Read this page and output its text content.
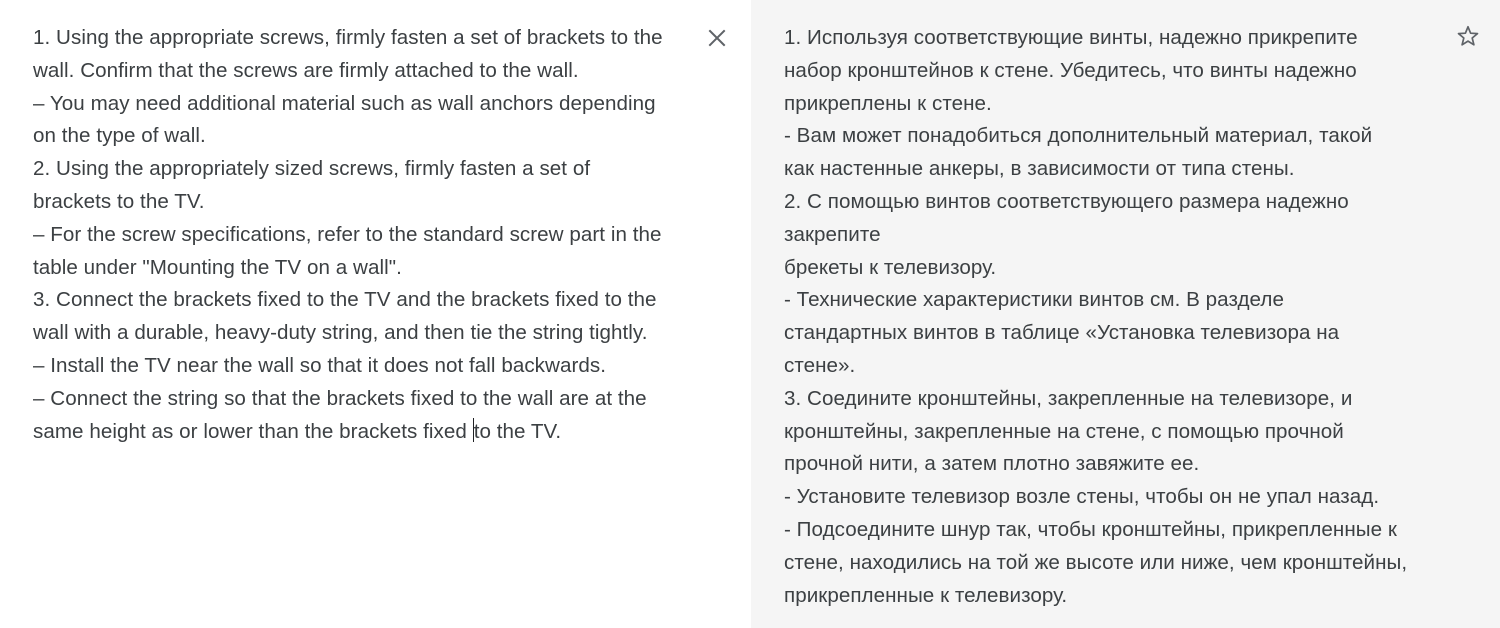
1. Using the appropriate screws, firmly fasten a set of brackets to the
wall. Confirm that the screws are firmly attached to the wall.
– You may need additional material such as wall anchors depending
on the type of wall.
2. Using the appropriately sized screws, firmly fasten a set of
brackets to the TV.
– For the screw specifications, refer to the standard screw part in the
table under "Mounting the TV on a wall".
3. Connect the brackets fixed to the TV and the brackets fixed to the
wall with a durable, heavy-duty string, and then tie the string tightly.
– Install the TV near the wall so that it does not fall backwards.
– Connect the string so that the brackets fixed to the wall are at the
same height as or lower than the brackets fixed to the TV.
1. Используя соответствующие винты, надежно прикрепите
набор кронштейнов к стене. Убедитесь, что винты надежно
прикреплены к стене.
- Вам может понадобиться дополнительный материал, такой
как настенные анкеры, в зависимости от типа стены.
2. С помощью винтов соответствующего размера надежно
закрепите
брекеты к телевизору.
- Технические характеристики винтов см. В разделе
стандартных винтов в таблице «Установка телевизора на
стене».
3. Соедините кронштейны, закрепленные на телевизоре, и
кронштейны, закрепленные на стене, с помощью прочной
прочной нити, а затем плотно завяжите ее.
- Установите телевизор возле стены, чтобы он не упал назад.
- Подсоедините шнур так, чтобы кронштейны, прикрепленные к
стене, находились на той же высоте или ниже, чем кронштейны,
прикрепленные к телевизору.
